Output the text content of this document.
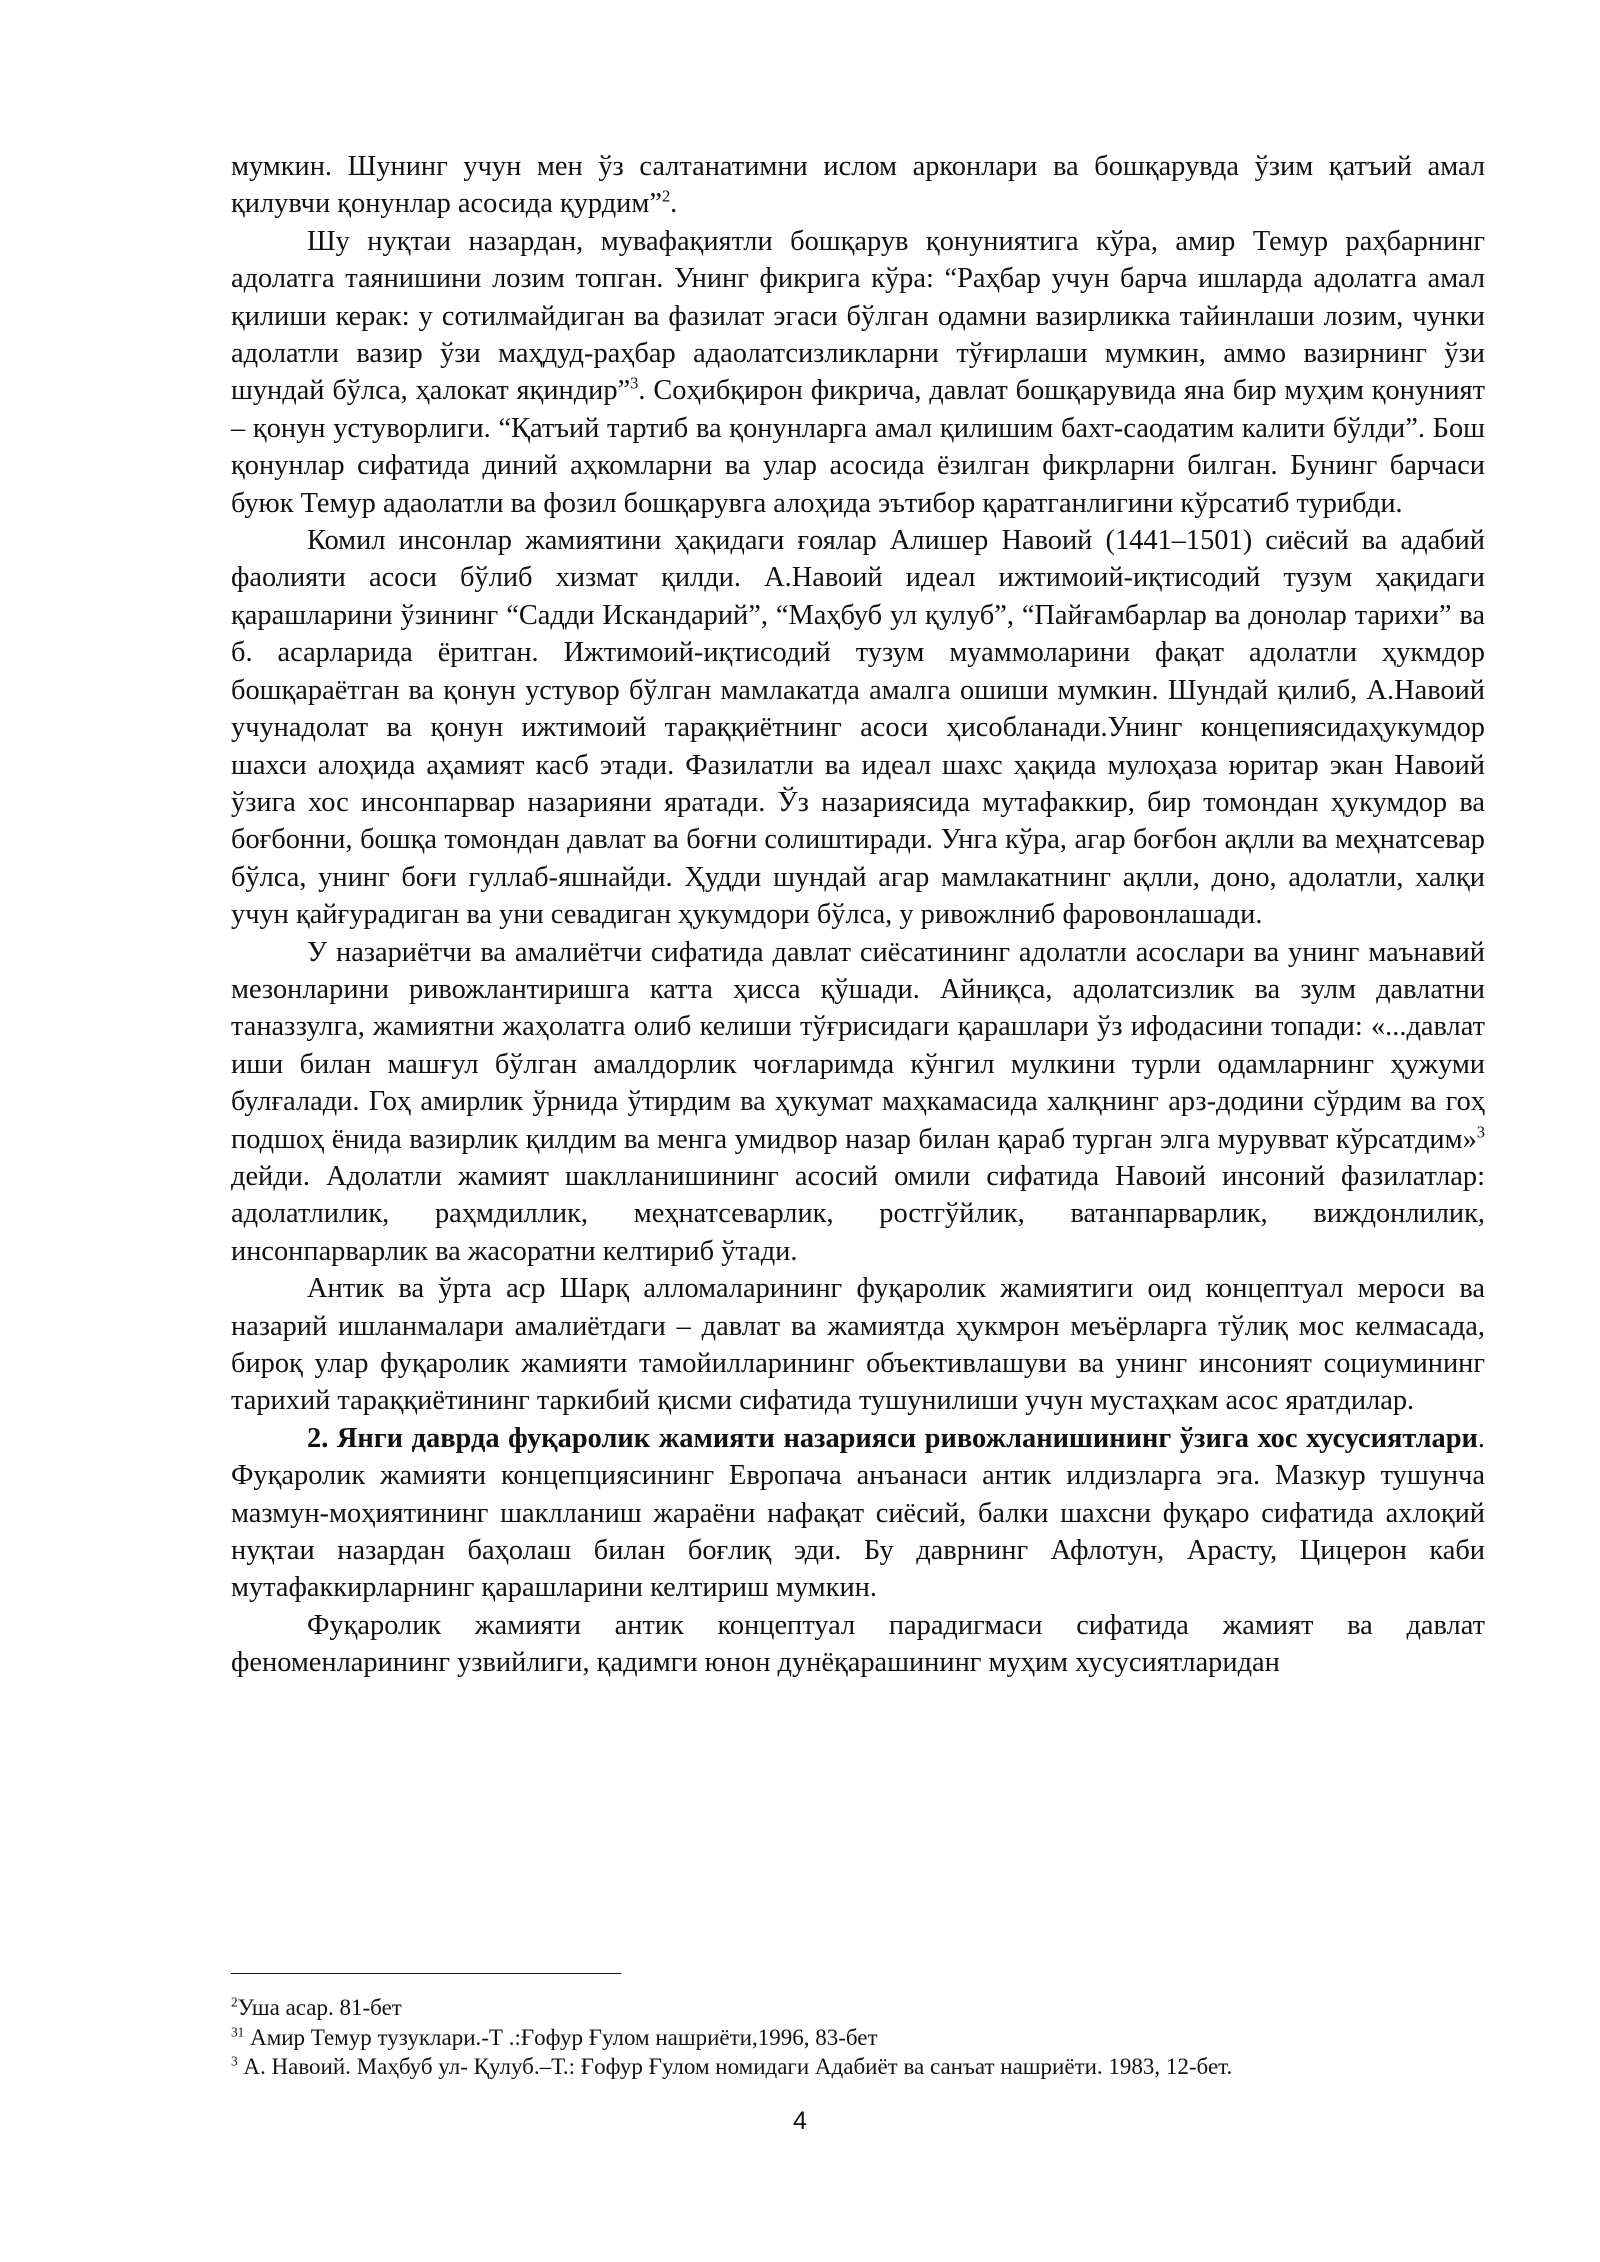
мумкин. Шунинг учун мен ўз салтанатимни ислом арконлари ва бошқарувда ўзим қатъий амал қилувчи қонунлар асосида қурдим”$^2$.

Шу нуқтаи назардан, мувафақиятли бошқарув қонуниятига кўра, амир Темур раҳбарнинг адолатга таянишини лозим топган. Унинг фикрига кўра: “Раҳбар учун барча ишларда адолатга амал қилиши керак: у сотилмайдиган ва фазилат эгаси бўлган одамни вазирликка тайинлаши лозим, чунки адолатли вазир ўзи маҳдуд-раҳбар адаолатсизликларни тўғирлаши мумкин, аммо вазирнинг ўзи шундай бўлса, ҳалокат яқиндир”$^3$. Соҳибқирон фикрича, давлат бошқарувида яна бир муҳим қонуният – қонун устуворлиги. “Қатъий тартиб ва қонунларга амал қилишим бахт-саодатим калити бўлди”. Бош қонунлар сифатида диний аҳкомларни ва улар асосида ёзилган фикрларни билган. Бунинг барчаси буюк Темур адаолатли ва фозил бошқарувга алоҳида эътибор қаратганлигини кўрсатиб турибди.

Комил инсонлар жамиятини ҳақидаги ғоялар Алишер Навоий (1441–1501) сиёсий ва адабий фаолияти асоси бўлиб хизмат қилди. А.Навоий идеал ижтимоий-иқтисодий тузум ҳақидаги қарашларини ўзининг “Садди Искандарий”, “Маҳбуб ул қулуб”, “Пайғамбарлар ва донолар тарихи” ва б. асарларида ёритган. Ижтимоий-иқтисодий тузум муаммоларини фақат адолатли ҳукмдор бошқараётган ва қонун устувор бўлган мамлакатда амалга ошиши мумкин. Шундай қилиб, А.Навоий учунадолат ва қонун ижтимоий тараққиётнинг асоси ҳисобланади.Унинг концепиясидаҳукумдор шахси алоҳида аҳамият касб этади. Фазилатли ва идеал шахс ҳақида мулоҳаза юритар экан Навоий ўзига хос инсонпарвар назарияни яратади. Ўз назариясида мутафаккир, бир томондан ҳукумдор ва боғбонни, бошқа томондан давлат ва боғни солиштиради. Унга кўра, агар боғбон ақлли ва меҳнатсевар бўлса, унинг боғи гуллаб-яшнайди. Ҳудди шундай агар мамлакатнинг ақлли, доно, адолатли, халқи учун қайғурадиган ва уни севадиган ҳукумдори бўлса, у ривожлниб фаровонлашади.

У назариётчи ва амалиётчи сифатида давлат сиёсатининг адолатли асослари ва унинг маънавий мезонларини ривожлантиришга катта ҳисса қўшади. Айниқса, адолатсизлик ва зулм давлатни таназзулга, жамиятни жаҳолатга олиб келиши тўғрисидаги қарашлари ўз ифодасини топади: «...давлат иши билан машғул бўлган амалдорлик чоғларимда кўнгил мулкини турли одамларнинг ҳужуми булғалади. Гоҳ амирлик ўрнида ўтирдим ва ҳукумат маҳкамасида халқнинг арз-додини сўрдим ва гоҳ подшоҳ ёнида вазирлик қилдим ва менга умидвор назар билан қараб турган элга мурувват кўрсатдим»$^3$ дейди. Адолатли жамият шаклланишининг асосий омили сифатида Навоий инсоний фазилатлар: адолатлилик, раҳмдиллик, меҳнатсеварлик, ростгўйлик, ватанпарварлик, виждонлилик, инсонпарварлик ва жасоратни келтириб ўтади.

Антик ва ўрта аср Шарқ алломаларининг фуқаролик жамиятиги оид концептуал мероси ва назарий ишланмалари амалиётдаги – давлат ва жамиятда ҳукмрон меъёрларга тўлиқ мос келмасада, бироқ улар фуқаролик жамияти тамойилларининг объективлашуви ва унинг инсоният социумининг тарихий тараққиётининг таркибий қисми сифатида тушунилиши учун мустаҳкам асос яратдилар.

2. Янги даврда фуқаролик жамияти назарияси ривожланишининг ўзига хос хусусиятлари. Фуқаролик жамияти концепциясининг Европача анъанаси антик илдизларга эга. Мазкур тушунча мазмун-моҳиятининг шаклланиш жараёни нафақат сиёсий, балки шахсни фуқаро сифатида ахлоқий нуқтаи назардан баҳолаш билан боғлиқ эди. Бу даврнинг Афлотун, Арасту, Цицерон каби мутафаккирларнинг қарашларини келтириш мумкин.

Фуқаролик жамияти антик концептуал парадигмаси сифатида жамият ва давлат феноменларининг узвийлиги, қадимги юнон дунёқарашининг муҳим хусусиятларидан

$^2$Уша асар. 81-бет

$^{31}$ Амир Темур тузуклари.-Т .:Ғофур Ғулом нашриёти,1996, 83-бет

$^3$ А. Навоий. Маҳбуб ул- Қулуб.–Т.: Ғофур Ғулом номидаги Адабиёт ва санъат нашриёти. 1983, 12-бет.

4
